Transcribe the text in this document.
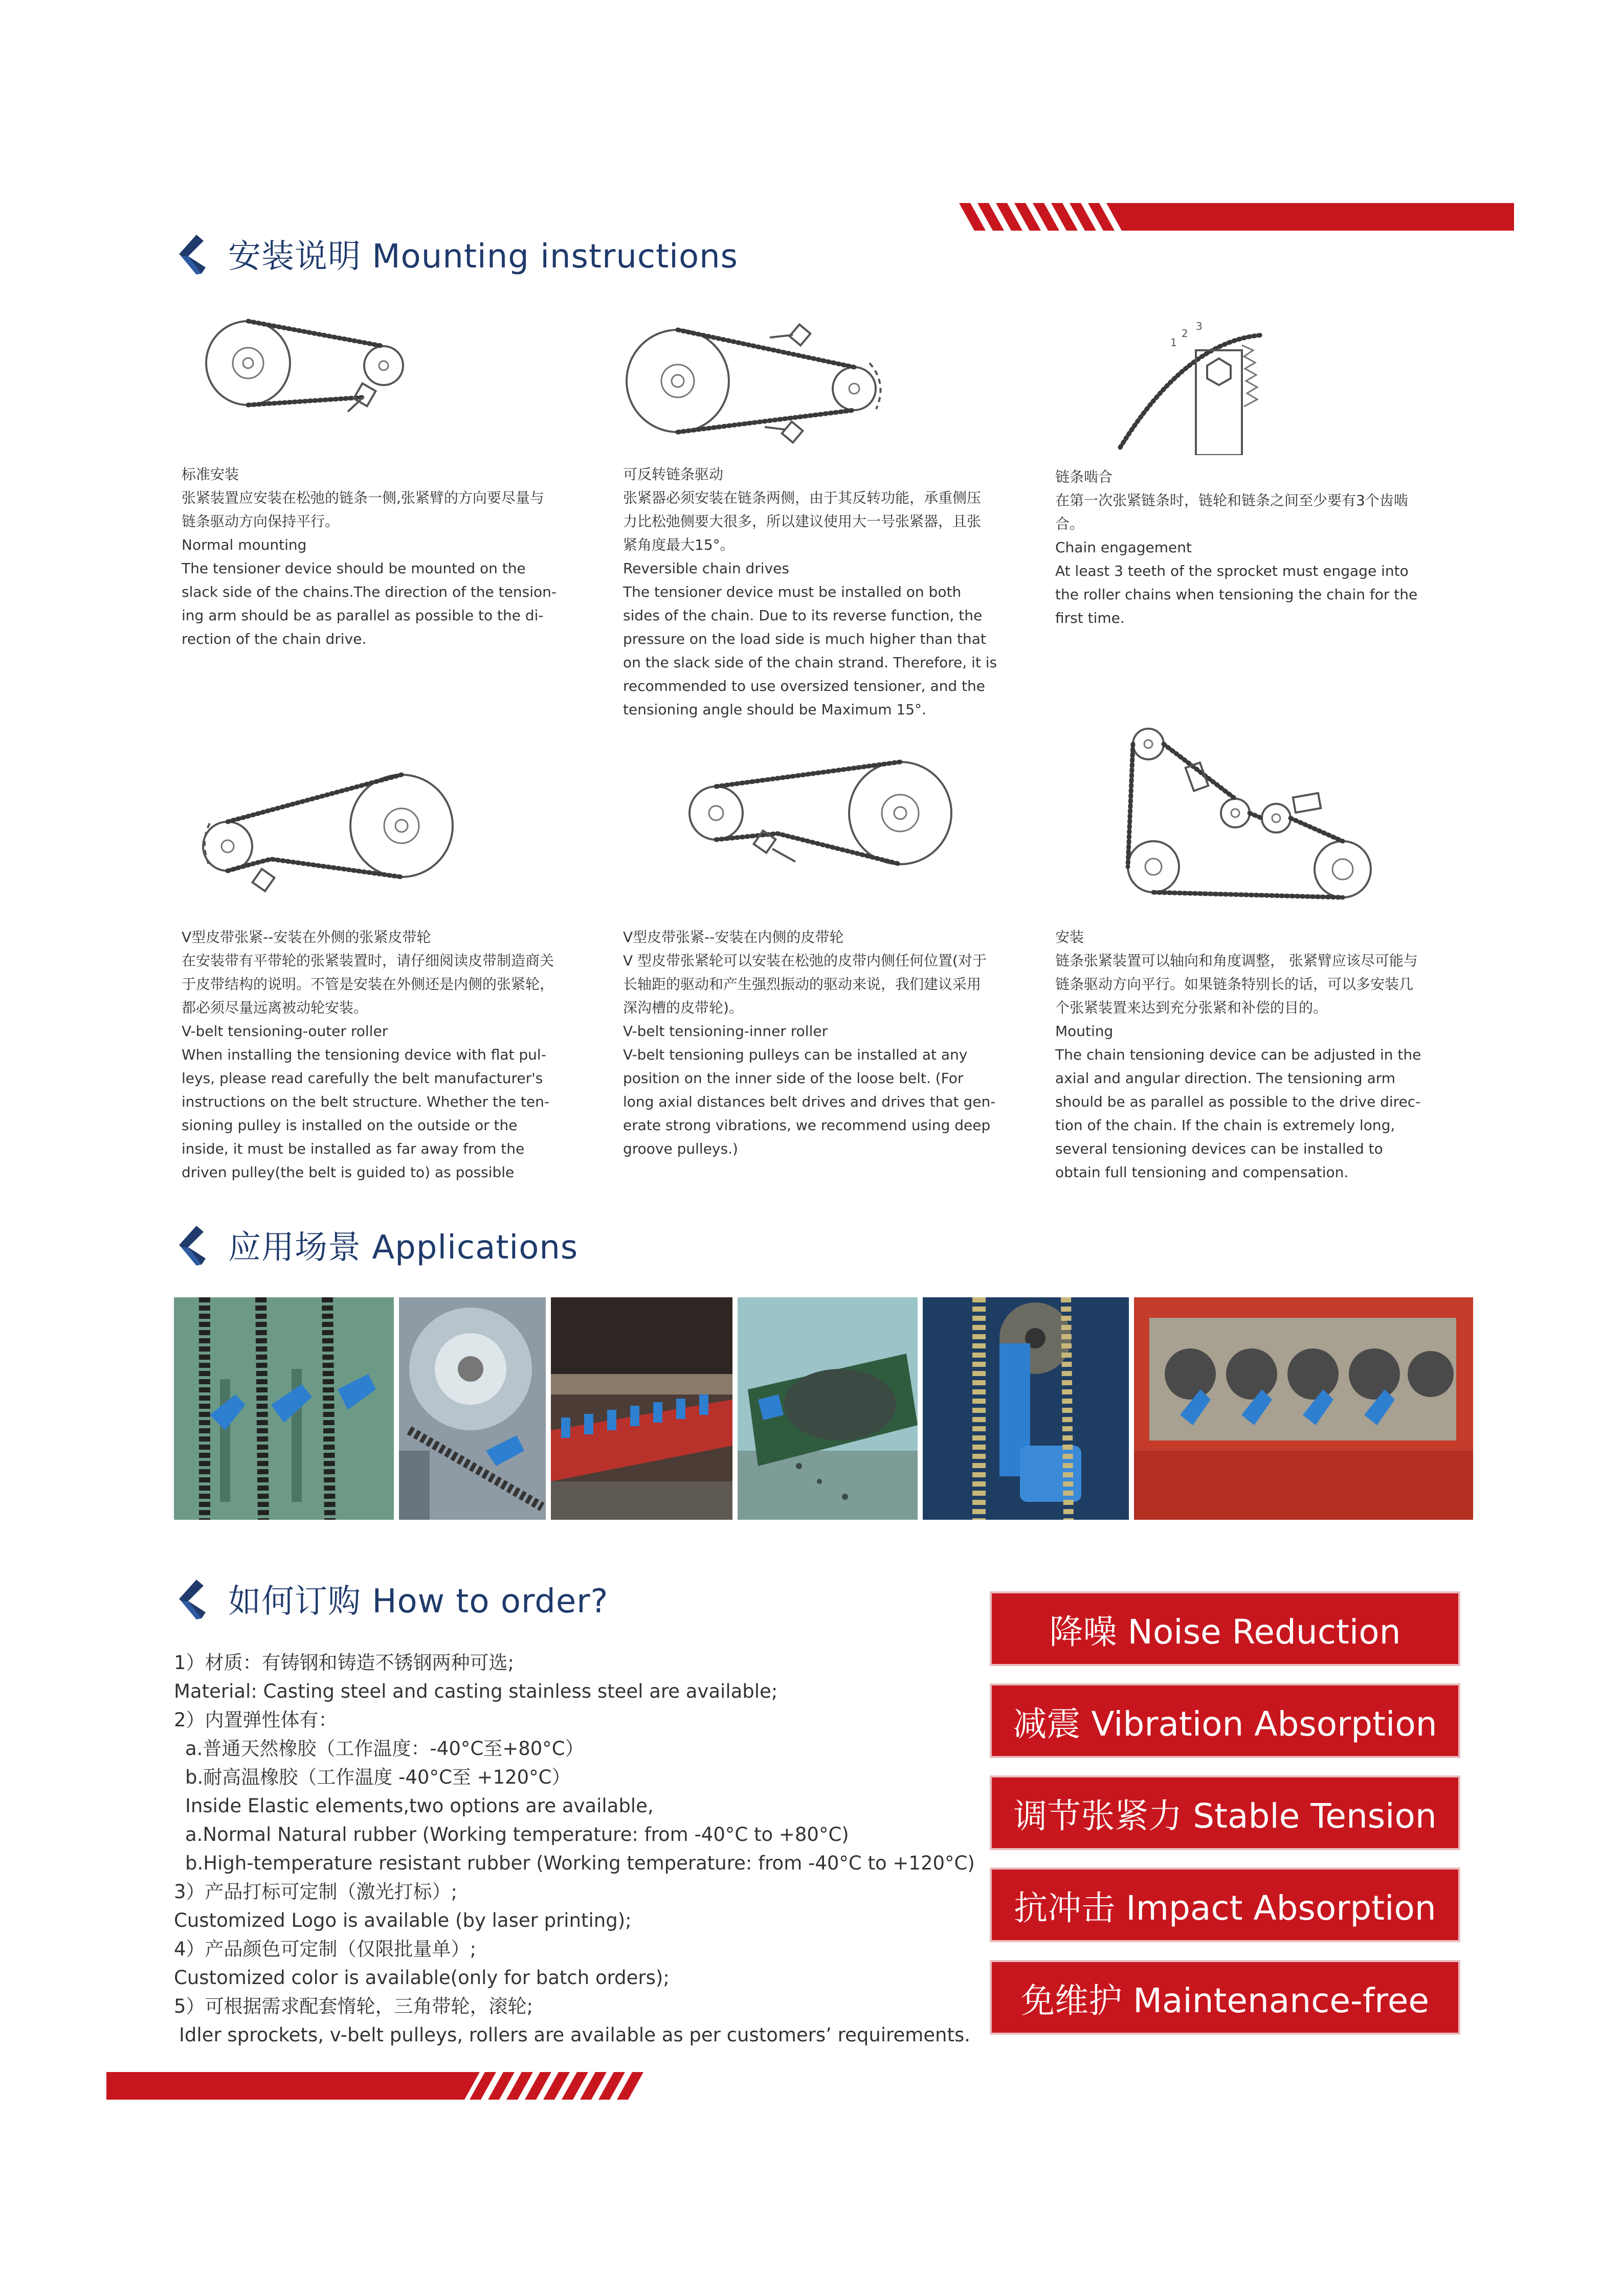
安装说明 Mounting instructions
1
2
3
标准安装
张紧装置应安装在松弛的链条一侧,张紧臂的方向要尽量与
链条驱动方向保持平行。
Normal mounting
The tensioner device should be mounted on the
slack side of the chains.The direction of the tension-
ing arm should be as parallel as possible to the di-
rection of the chain drive.
可反转链条驱动
张紧器必须安装在链条两侧，由于其反转功能，承重侧压
力比松弛侧要大很多，所以建议使用大一号张紧器，且张
紧角度最大15°。
Reversible chain drives
The tensioner device must be installed on both
sides of the chain. Due to its reverse function, the
pressure on the load side is much higher than that
on the slack side of the chain strand. Therefore, it is
recommended to use oversized tensioner, and the
tensioning angle should be Maximum 15°.
链条啮合
在第一次张紧链条时，链轮和链条之间至少要有3个齿啮
合。
Chain engagement
At least 3 teeth of the sprocket must engage into
the roller chains when tensioning the chain for the
first time.
V型皮带张紧--安装在外侧的张紧皮带轮
在安装带有平带轮的张紧装置时，请仔细阅读皮带制造商关
于皮带结构的说明。不管是安装在外侧还是内侧的张紧轮，
都必须尽量远离被动轮安装。
V-belt tensioning-outer roller
When installing the tensioning device with flat pul-
leys, please read carefully the belt manufacturer's
instructions on the belt structure. Whether the ten-
sioning pulley is installed on the outside or the
inside, it must be installed as far away from the
driven pulley(the belt is guided to) as possible
V型皮带张紧--安装在内侧的皮带轮
V 型皮带张紧轮可以安装在松弛的皮带内侧任何位置(对于
长轴距的驱动和产生强烈振动的驱动来说，我们建议采用
深沟槽的皮带轮)。
V-belt tensioning-inner roller
V-belt tensioning pulleys can be installed at any
position on the inner side of the loose belt. (For
long axial distances belt drives and drives that gen-
erate strong vibrations, we recommend using deep
groove pulleys.)
安装
链条张紧装置可以轴向和角度调整， 张紧臂应该尽可能与
链条驱动方向平行。如果链条特别长的话，可以多安装几
个张紧装置来达到充分张紧和补偿的目的。
Mouting
The chain tensioning device can be adjusted in the
axial and angular direction. The tensioning arm
should be as parallel as possible to the drive direc-
tion of the chain. If the chain is extremely long,
several tensioning devices can be installed to
obtain full tensioning and compensation.
应用场景 Applications
如何订购 How to order?
1）材质：有铸钢和铸造不锈钢两种可选;
Material: Casting steel and casting stainless steel are available;
2）内置弹性体有：
a.普通天然橡胶（工作温度：-40°C至+80°C）
b.耐高温橡胶（工作温度 -40°C至 +120°C）
Inside Elastic elements,two options are available,
a.Normal Natural rubber (Working temperature: from -40°C to +80°C)
b.High-temperature resistant rubber (Working temperature: from -40°C to +120°C)
3）产品打标可定制（激光打标）;
Customized Logo is available (by laser printing);
4）产品颜色可定制（仅限批量单）;
Customized color is available(only for batch orders);
5）可根据需求配套惰轮，三角带轮，滚轮;
Idler sprockets, v-belt pulleys, rollers are available as per customers’ requirements.
降噪 Noise Reduction
减震 Vibration Absorption
调节张紧力 Stable Tension
抗冲击 Impact Absorption
免维护 Maintenance-free
